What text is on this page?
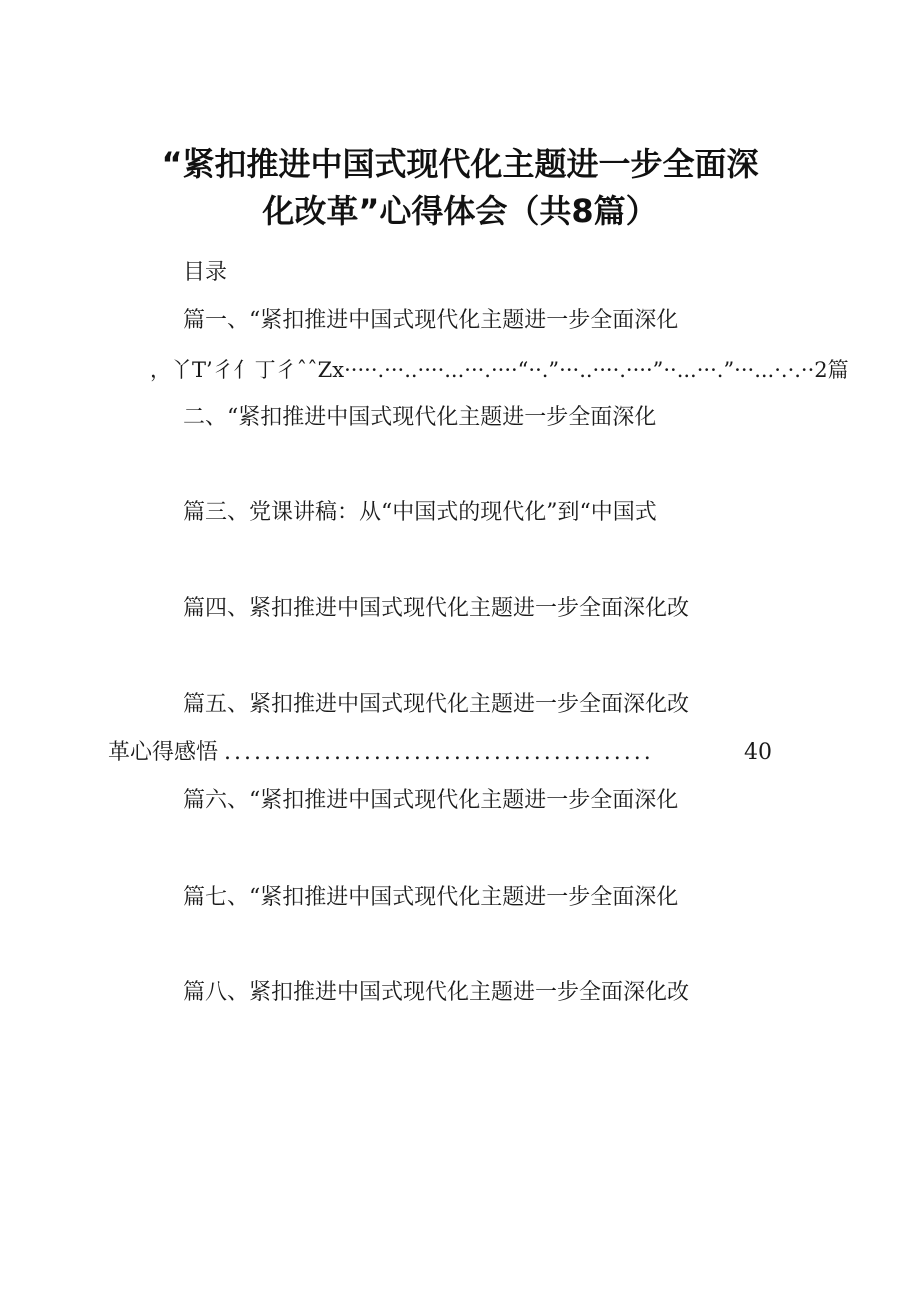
“紧扣推进中国式现代化主题进一步全面深
化改革”心得体会（共8篇）
目录
篇一、“紧扣推进中国式现代化主题进一步全面深化
，丫T’彳亻丁彳ˆˆZx·····.···..····...···.····“··.”···..····.····”··...···.”···...·.·.··2篇
二、“紧扣推进中国式现代化主题进一步全面深化
篇三、党课讲稿：从“中国式的现代化”到“中国式
篇四、紧扣推进中国式现代化主题进一步全面深化改
篇五、紧扣推进中国式现代化主题进一步全面深化改
革心得感悟 ...........................................	40
篇六、“紧扣推进中国式现代化主题进一步全面深化
篇七、“紧扣推进中国式现代化主题进一步全面深化
篇八、紧扣推进中国式现代化主题进一步全面深化改
